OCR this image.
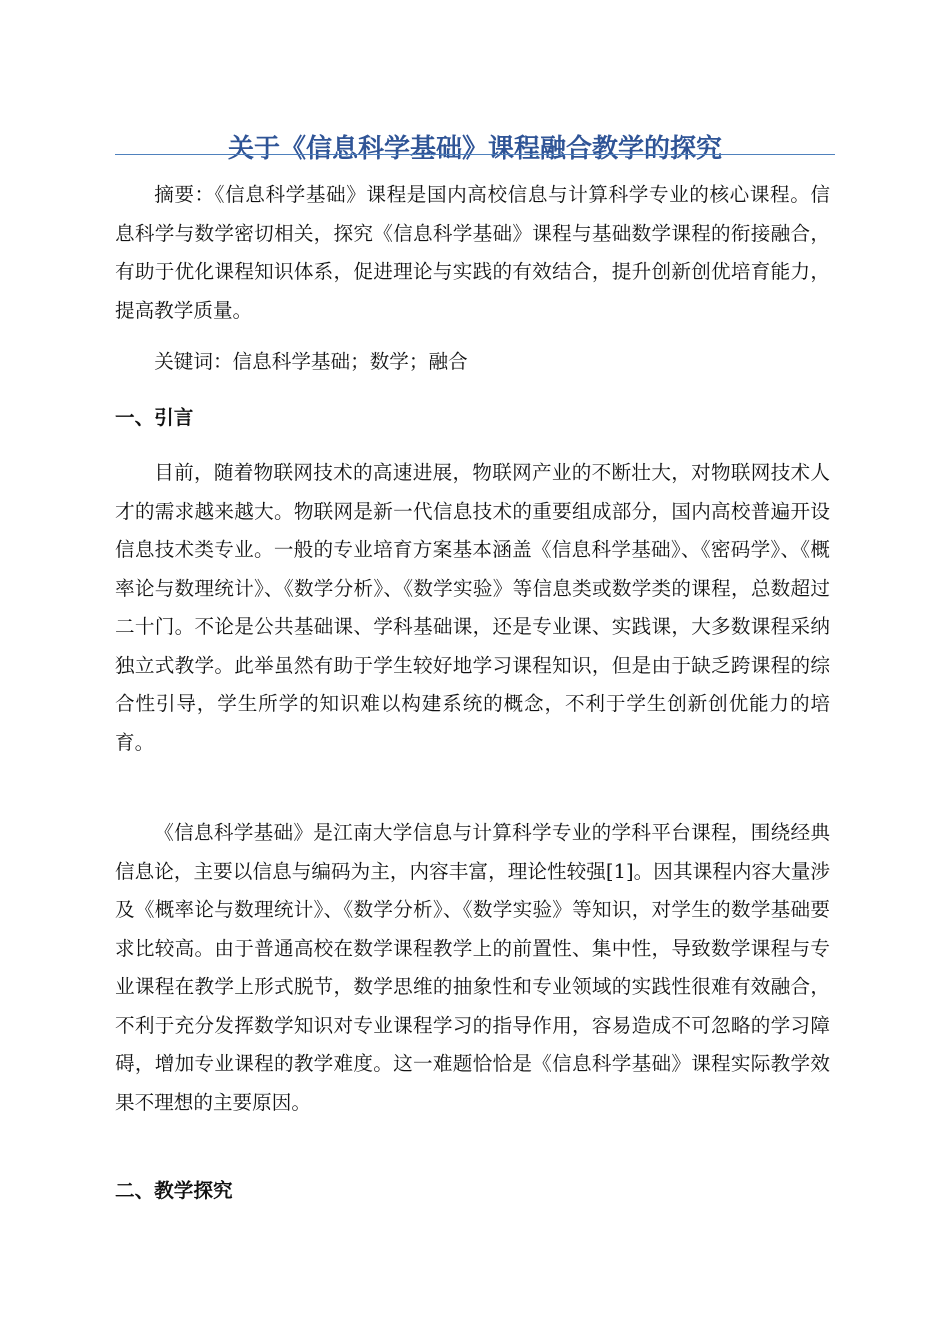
关于《信息科学基础》课程融合教学的探究

摘要：《信息科学基础》课程是国内高校信息与计算科学专业的核心课程。信息科学与数学密切相关，探究《信息科学基础》课程与基础数学课程的衔接融合，有助于优化课程知识体系，促进理论与实践的有效结合，提升创新创优培育能力，提高教学质量。

关键词：信息科学基础；数学；融合

一、引言

目前，随着物联网技术的高速进展，物联网产业的不断壮大，对物联网技术人才的需求越来越大。物联网是新一代信息技术的重要组成部分，国内高校普遍开设信息技术类专业。一般的专业培育方案基本涵盖《信息科学基础》、《密码学》、《概率论与数理统计》、《数学分析》、《数学实验》等信息类或数学类的课程，总数超过二十门。不论是公共基础课、学科基础课，还是专业课、实践课，大多数课程采纳独立式教学。此举虽然有助于学生较好地学习课程知识，但是由于缺乏跨课程的综合性引导，学生所学的知识难以构建系统的概念，不利于学生创新创优能力的培育。

《信息科学基础》是江南大学信息与计算科学专业的学科平台课程，围绕经典信息论，主要以信息与编码为主，内容丰富，理论性较强[1]。因其课程内容大量涉及《概率论与数理统计》、《数学分析》、《数学实验》等知识，对学生的数学基础要求比较高。由于普通高校在数学课程教学上的前置性、集中性，导致数学课程与专业课程在教学上形式脱节，数学思维的抽象性和专业领域的实践性很难有效融合，不利于充分发挥数学知识对专业课程学习的指导作用，容易造成不可忽略的学习障碍，增加专业课程的教学难度。这一难题恰恰是《信息科学基础》课程实际教学效果不理想的主要原因。

二、教学探究
